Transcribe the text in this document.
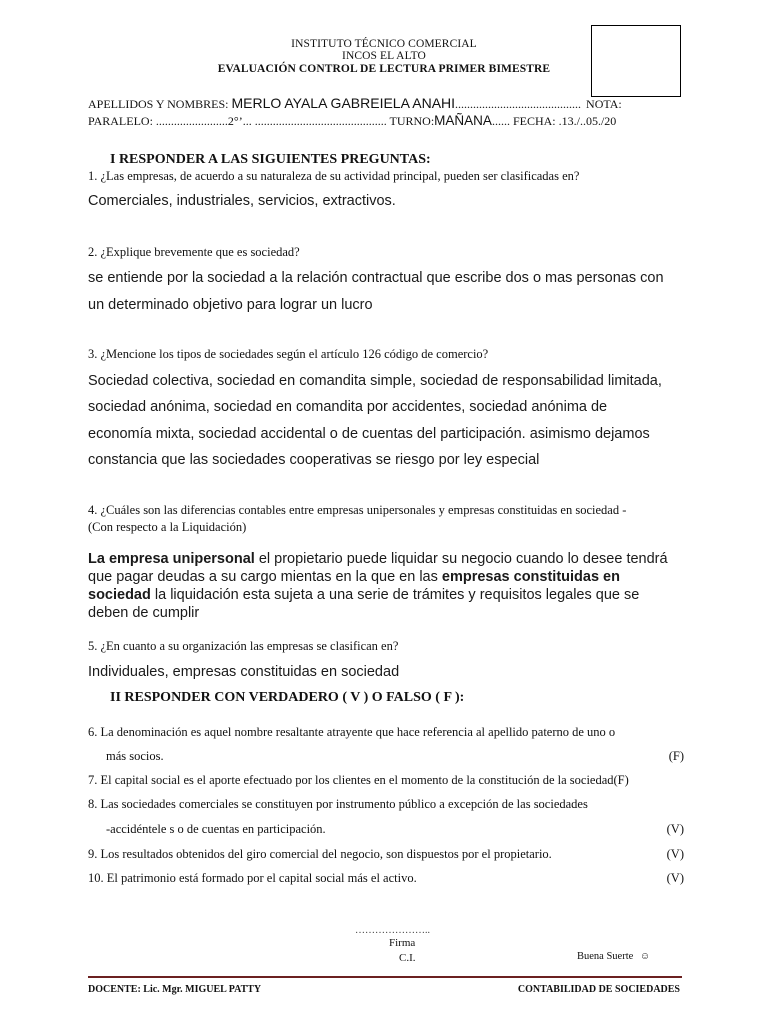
INSTITUTO TÉCNICO COMERCIAL
INCOS EL ALTO
EVALUACIÓN CONTROL DE LECTURA PRIMER BIMESTRE
APELLIDOS Y NOMBRES: MERLO AYALA GABREIELA ANAHI.......................................... NOTA:
PARALELO: ........................2°’... ............................................ TURNO:MAÑANA...... FECHA: .13./..05./20
I RESPONDER A LAS SIGUIENTES PREGUNTAS:
1. ¿Las empresas, de acuerdo a su naturaleza de su actividad principal, pueden ser clasificadas en?
Comerciales, industriales, servicios, extractivos.
2. ¿Explique brevemente que es sociedad?
se entiende por la sociedad a la relación contractual que escribe dos o mas personas con
un determinado objetivo para lograr un lucro
3. ¿Mencione los tipos de sociedades según el artículo 126 código de comercio?
Sociedad colectiva, sociedad en comandita simple, sociedad de responsabilidad limitada,
sociedad anónima, sociedad en comandita por accidentes, sociedad anónima de
economía mixta, sociedad accidental o de cuentas del participación. asimismo dejamos
constancia que las sociedades cooperativas se riesgo por ley especial
4. ¿Cuáles son las diferencias contables entre empresas unipersonales y empresas constituidas en sociedad -
(Con respecto a la Liquidación)
La empresa unipersonal el propietario puede liquidar su negocio cuando lo desee tendrá
que pagar deudas a su cargo mientas en la que en las empresas constituidas en
sociedad la liquidación esta sujeta a una serie de trámites y requisitos legales que se
deben de cumplir
5. ¿En cuanto a su organización las empresas se clasifican en?
Individuales, empresas constituidas en sociedad
II RESPONDER CON VERDADERO ( V ) O FALSO ( F ):
6. La denominación es aquel nombre resaltante atrayente que hace referencia al apellido paterno de uno o
más socios.	(F)
7. El capital social es el aporte efectuado por los clientes en el momento de la constitución de la sociedad(F)
8. Las sociedades comerciales se constituyen por instrumento público a excepción de las sociedades
-accidéntele s o de cuentas en participación.	(V)
9. Los resultados obtenidos del giro comercial del negocio, son dispuestos por el propietario.	(V)
10. El patrimonio está formado por el capital social más el activo.	(V)
…………………..
Firma
C.I.	Buena Suerte ☺
DOCENTE: Lic. Mgr. MIGUEL PATTY	CONTABILIDAD DE SOCIEDADES
